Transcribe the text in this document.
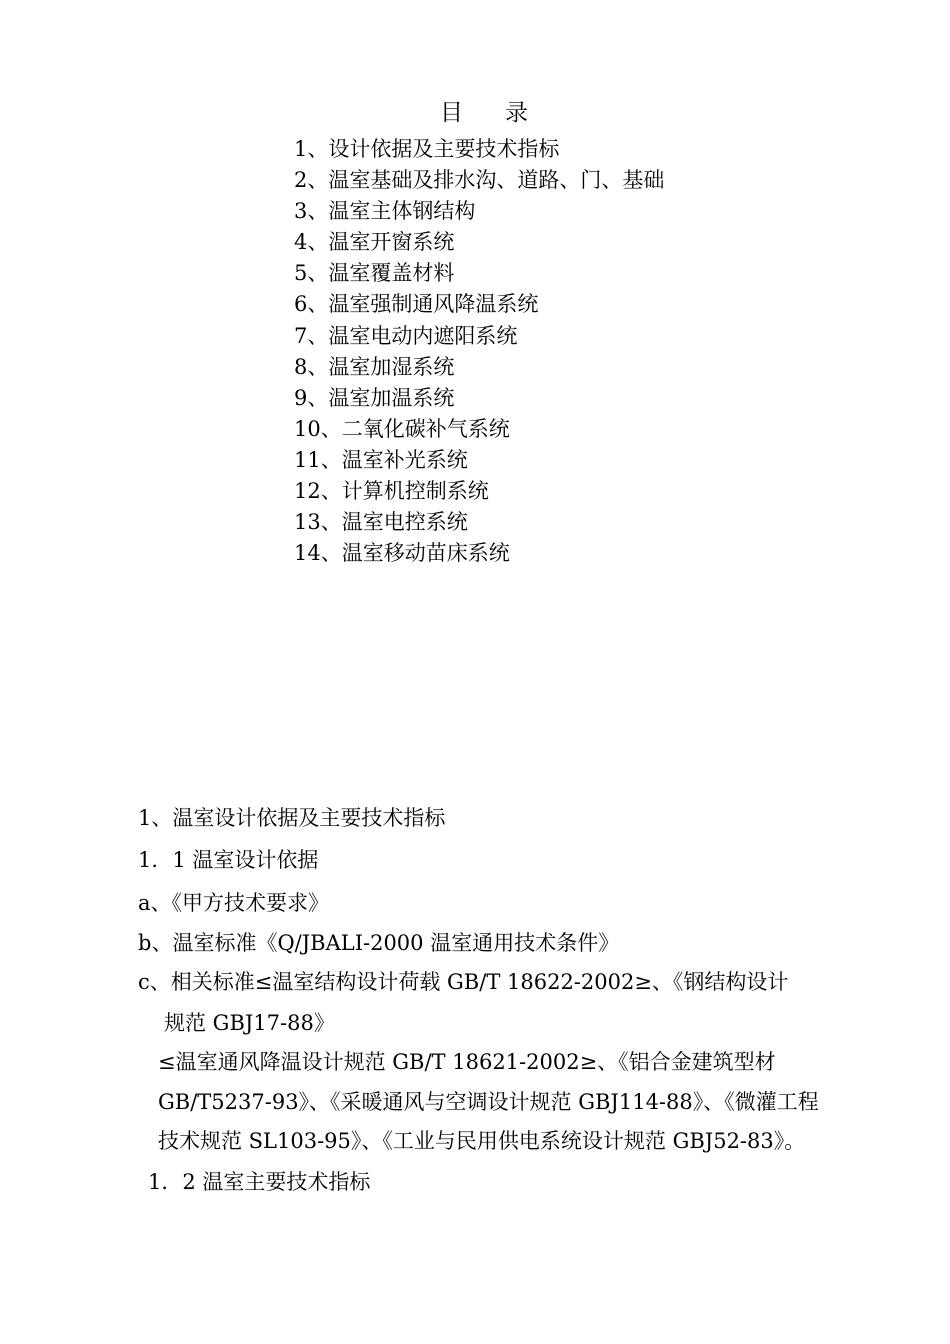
目 录
1、设计依据及主要技术指标
2、温室基础及排水沟、道路、门、基础
3、温室主体钢结构
4、温室开窗系统
5、温室覆盖材料
6、温室强制通风降温系统
7、温室电动内遮阳系统
8、温室加湿系统
9、温室加温系统
10、二氧化碳补气系统
11、温室补光系统
12、计算机控制系统
13、温室电控系统
14、温室移动苗床系统
1、温室设计依据及主要技术指标
1．1 温室设计依据
a、《甲方技术要求》
b、温室标准《Q/JBALI-2000 温室通用技术条件》
c、相关标准≤温室结构设计荷载 GB/T 18622-2002≥、《钢结构设计
规范 GBJ17-88》
≤温室通风降温设计规范 GB/T 18621-2002≥、《铝合金建筑型材
GB/T5237-93》、《采暖通风与空调设计规范 GBJ114-88》、《微灌工程
技术规范 SL103-95》、《工业与民用供电系统设计规范 GBJ52-83》。
1．2 温室主要技术指标
